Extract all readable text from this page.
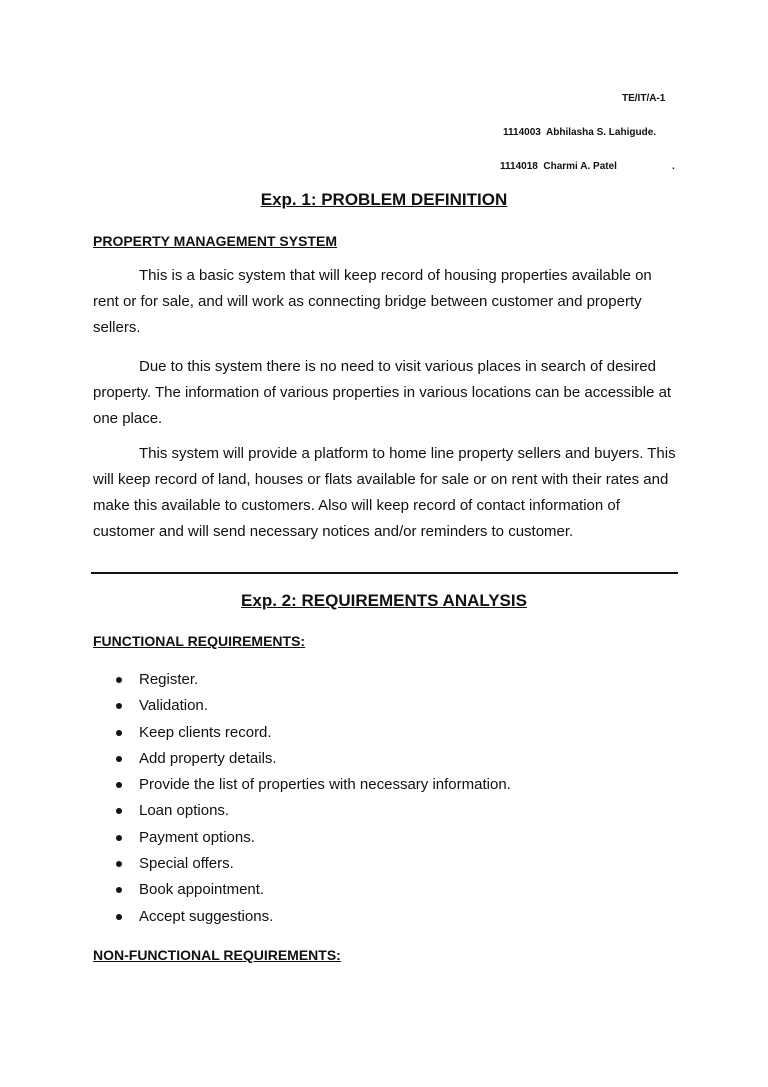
TE/IT/A-1
1114003  Abhilasha S. Lahigude.
1114018  Charmi A. Patel	.
Exp. 1: PROBLEM DEFINITION
PROPERTY MANAGEMENT SYSTEM

This is a basic system that will keep record of housing properties available on rent or for sale, and will work as connecting bridge between customer and property sellers.

Due to this system there is no need to visit various places in search of desired property. The information of various properties in various locations can be accessible at one place.

This system will provide a platform to home line property sellers and buyers. This will keep record of land, houses or flats available for sale or on rent with their rates and make this available to customers. Also will keep record of contact information of customer and will send necessary notices and/or reminders to customer.

Exp. 2: REQUIREMENTS ANALYSIS
FUNCTIONAL REQUIREMENTS:
Register.
Validation.
Keep clients record.
Add property details.
Provide the list of properties with necessary information.
Loan options.
Payment options.
Special offers.
Book appointment.
Accept suggestions.
NON-FUNCTIONAL REQUIREMENTS:
